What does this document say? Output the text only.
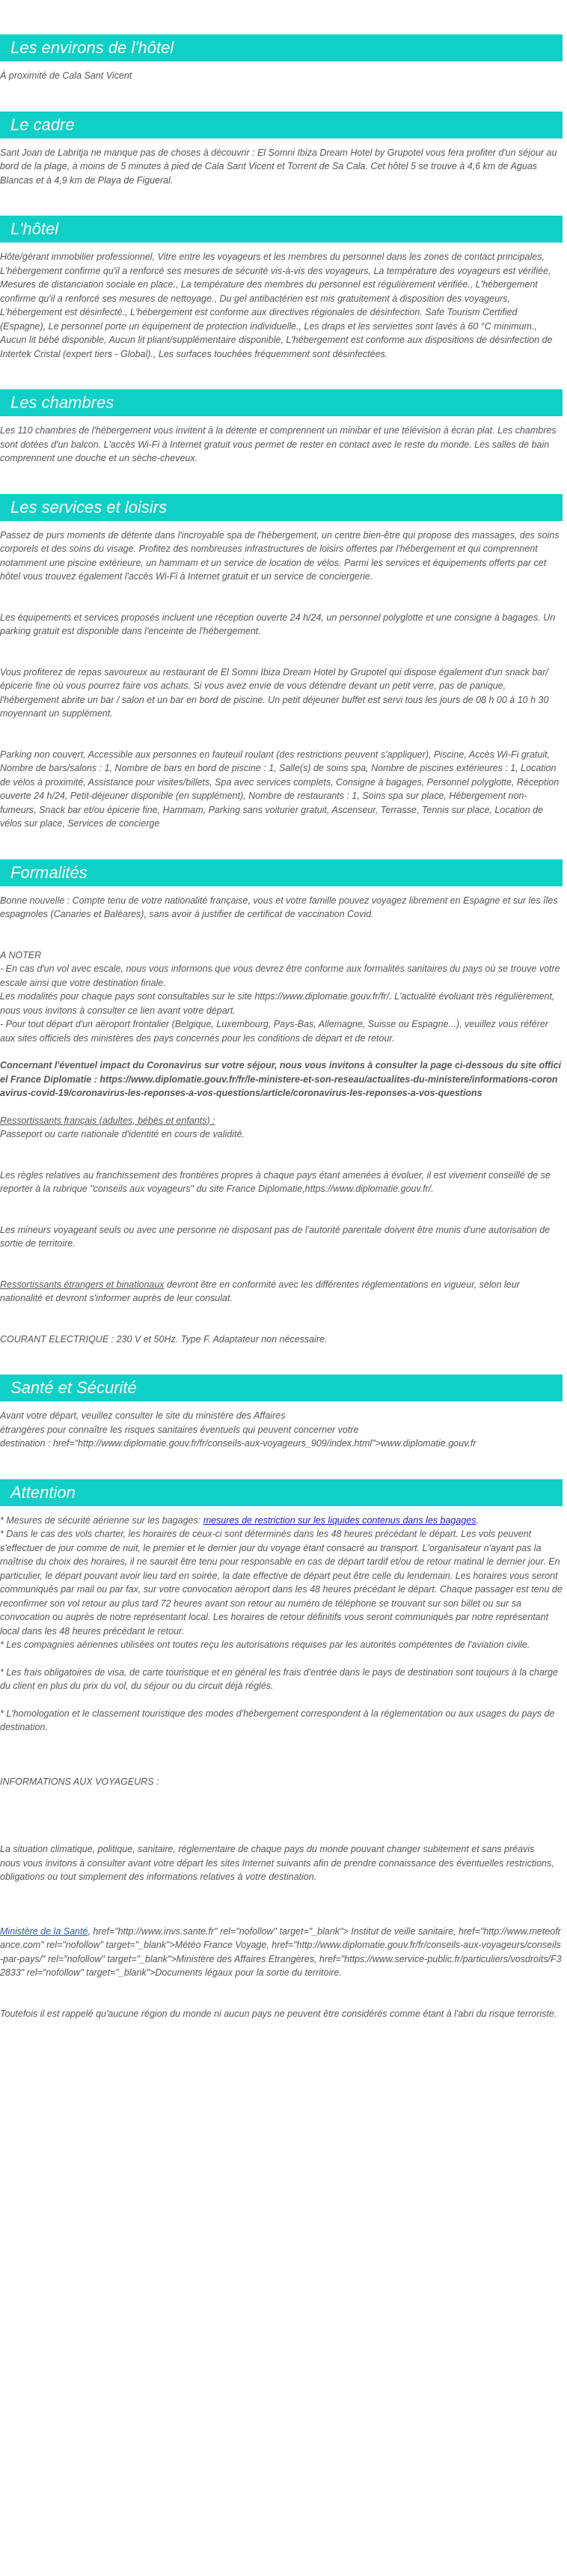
Les environs de l'hôtel

À proximité de Cala Sant Vicent

Le cadre

Sant Joan de Labritja ne manque pas de choses à découvrir : El Somni Ibiza Dream Hotel by Grupotel vous fera profiter d'un séjour au bord de la plage, à moins de 5 minutes à pied de Cala Sant Vicent et Torrent de Sa Cala. Cet hôtel 5 se trouve à 4,6 km de Aguas Blancas et à 4,9 km de Playa de Figueral.

L'hôtel

Hôte/gérant immobilier professionnel, Vitre entre les voyageurs et les membres du personnel dans les zones de contact principales, L'hébergement confirme qu'il a renforcé ses mesures de sécurité vis-à-vis des voyageurs, La température des voyageurs est vérifiée, Mesures de distanciation sociale en place., La température des membres du personnel est régulièrement vérifiée., L'hébergement confirme qu'il a renforcé ses mesures de nettoyage., Du gel antibactérien est mis gratuitement à disposition des voyageurs, L'hébergement est désinfecté., L'hébergement est conforme aux directives régionales de désinfection. Safe Tourism Certified (Espagne), Le personnel porte un équipement de protection individuelle., Les draps et les serviettes sont lavés à 60 °C minimum., Aucun lit bébé disponible, Aucun lit pliant/supplémentaire disponible, L'hébergement est conforme aux dispositions de désinfection de Intertek Cristal (expert tiers - Global)., Les surfaces touchées fréquemment sont désinfectées.

Les chambres

Les 110 chambres de l'hébergement vous invitent à la détente et comprennent un minibar et une télévision à écran plat. Les chambres sont dotées d'un balcon. L'accès Wi-Fi à Internet gratuit vous permet de rester en contact avec le reste du monde. Les salles de bain comprennent une douche et un sèche-cheveux.

Les services et loisirs

Passez de purs moments de détente dans l'incroyable spa de l'hébergement, un centre bien-être qui propose des massages, des soins corporels et des soins du visage. Profitez des nombreuses infrastructures de loisirs offertes par l'hébergement et qui comprennent notamment une piscine extérieure, un hammam et un service de location de vélos. Parmi les services et équipements offerts par cet hôtel vous trouvez également l'accès Wi-Fi à Internet gratuit et un service de conciergerie.

Les équipements et services proposés incluent une réception ouverte 24 h/24, un personnel polyglotte et une consigne à bagages. Un parking gratuit est disponible dans l'enceinte de l'hébergement.

Vous profiterez de repas savoureux au restaurant de El Somni Ibiza Dream Hotel by Grupotel qui dispose également d'un snack bar/épicerie fine où vous pourrez faire vos achats. Si vous avez envie de vous détendre devant un petit verre, pas de panique, l'hébergement abrite un bar / salon et un bar en bord de piscine. Un petit déjeuner buffet est servi tous les jours de 08 h 00 à 10 h 30 moyennant un supplément.

Parking non couvert, Accessible aux personnes en fauteuil roulant (des restrictions peuvent s'appliquer), Piscine, Accès Wi-Fi gratuit, Nombre de bars/salons : 1, Nombre de bars en bord de piscine : 1, Salle(s) de soins spa, Nombre de piscines extérieures : 1, Location de vélos à proximité, Assistance pour visites/billets, Spa avec services complets, Consigne à bagages, Personnel polyglotte, Réception ouverte 24 h/24, Petit-déjeuner disponible (en supplément), Nombre de restaurants : 1, Soins spa sur place, Hébergement non-fumeurs, Snack bar et/ou épicerie fine, Hammam, Parking sans voiturier gratuit, Ascenseur, Terrasse, Tennis sur place, Location de vélos sur place, Services de concierge

Formalités

Bonne nouvelle : Compte tenu de votre nationalité française, vous et votre famille pouvez voyagez librement en Espagne et sur les îles espagnoles (Canaries et Baléares), sans avoir à justifier de certificat de vaccination Covid.

A NOTER

- En cas d'un vol avec escale, nous vous informons que vous devrez être conforme aux formalités sanitaires du pays où se trouve votre escale ainsi que votre destination finale.

Les modalités pour chaque pays sont consultables sur le site https://www.diplomatie.gouv.fr/fr/. L'actualité évoluant très régulièrement, nous vous invitons à consulter ce lien avant votre départ.

- Pour tout départ d'un aéroport frontalier (Belgique, Luxembourg, Pays-Bas, Allemagne, Suisse ou Espagne...), veuillez vous référer aux sites officiels des ministères des pays concernés pour les conditions de départ et de retour.

Concernant l'éventuel impact du Coronavirus sur votre séjour, nous vous invitons à consulter la page ci-dessous du site officiel France Diplomatie : https://www.diplomatie.gouv.fr/fr/le-ministere-et-son-reseau/actualites-du-ministere/informations-coronavirus-covid-19/coronavirus-les-reponses-a-vos-questions/article/coronavirus-les-reponses-a-vos-questions

Ressortissants français (adultes, bébés et enfants) :
Passeport ou carte nationale d'identité en cours de validité.

Les règles relatives au franchissement des frontières propres à chaque pays étant amenées à évoluer, il est vivement conseillé de se reporter à la rubrique "conseils aux voyageurs" du site France Diplomatie,https://www.diplomatie.gouv.fr/.

Les mineurs voyageant seuls ou avec une personne ne disposant pas de l'autorité parentale doivent être munis d'une autorisation de sortie de territoire.

Ressortissants étrangers et binationaux devront être en conformité avec les différentes réglementations en vigueur, selon leur nationalité et devront s'informer auprès de leur consulat.

COURANT ELECTRIQUE : 230 V et 50Hz. Type F. Adaptateur non nécessaire.

Santé et Sécurité

Avant votre départ, veuillez consulter le site du ministère des Affaires

étrangères pour connaître les risques sanitaires éventuels qui peuvent concerner votre

destination : href="http://www.diplomatie.gouv.fr/fr/conseils-aux-voyageurs_909/index.html">www.diplomatie.gouv.fr

Attention

* Mesures de sécurité aérienne sur les bagages: mesures de restriction sur les liquides contenus dans les bagages.

* Dans le cas des vols charter, les horaires de ceux-ci sont déterminés dans les 48 heures précédant le départ. Les vols peuvent s'effectuer de jour comme de nuit, le premier et le dernier jour du voyage étant consacré au transport. L'organisateur n'ayant pas la maîtrise du choix des horaires, il ne saurait être tenu pour responsable en cas de départ tardif et/ou de retour matinal le dernier jour. En particulier, le départ pouvant avoir lieu tard en soirée, la date effective de départ peut être celle du lendemain. Les horaires vous seront communiqués par mail ou par fax, sur votre convocation aéroport dans les 48 heures précédant le départ. Chaque passager est tenu de reconfirmer son vol retour au plus tard 72 heures avant son retour au numéro de téléphone se trouvant sur son billet ou sur sa convocation ou auprès de notre représentant local. Les horaires de retour définitifs vous seront communiqués par notre représentant local dans les 48 heures précédant le retour.

* Les compagnies aériennes utilisées ont toutes reçu les autorisations requises par les autorités compétentes de l'aviation civile.

* Les frais obligatoires de visa, de carte touristique et en général les frais d'entrée dans le pays de destination sont toujours à la charge du client en plus du prix du vol, du séjour ou du circuit déjà réglés.

* L'homologation et le classement touristique des modes d'hébergement correspondent à la réglementation ou aux usages du pays de destination.

INFORMATIONS AUX VOYAGEURS :

La situation climatique, politique, sanitaire, réglementaire de chaque pays du monde pouvant changer subitement et sans préavis

nous vous invitons à consulter avant votre départ les sites Internet suivants afin de prendre connaissance des éventuelles restrictions, obligations ou tout simplement des informations relatives à votre destination.

Ministère de la Santé, href="http://www.invs.sante.fr" rel="nofollow" target="_blank"> Institut de veille sanitaire, href="http://www.meteofrance.com" rel="nofollow" target="_blank">Météo France Voyage, href="http://www.diplomatie.gouv.fr/fr/conseils-aux-voyageurs/conseils-par-pays/" rel="nofollow" target="_blank">Ministère des Affaires Etrangères, href="https://www.service-public.fr/particuliers/vosdroits/F32833" rel="nofollow" target="_blank">Documents légaux pour la sortie du territoire.

Toutefois il est rappelé qu'aucune région du monde ni aucun pays ne peuvent être considérés comme étant à l'abri du risque terroriste.
